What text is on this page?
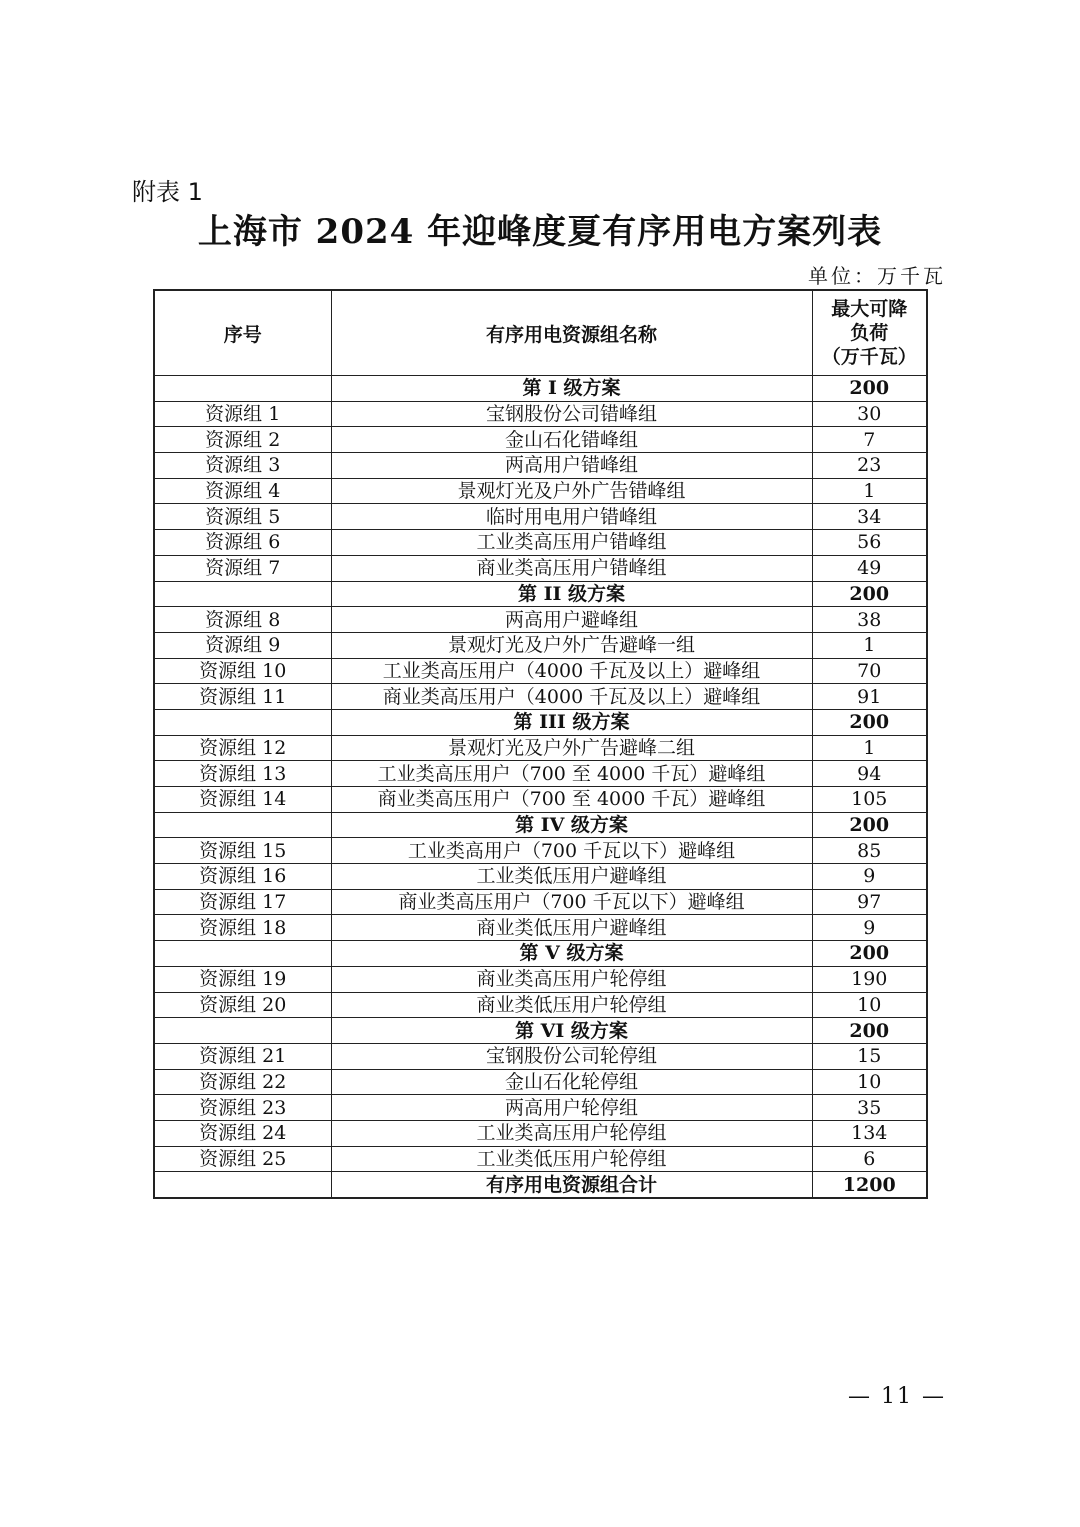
附表 1
上海市 2024 年迎峰度夏有序用电方案列表
单位：万千瓦
序号	有序用电资源组名称	最大可降
负荷
（万千瓦）

	第 I 级方案	200
资源组 1	宝钢股份公司错峰组	30
资源组 2	金山石化错峰组	7
资源组 3	两高用户错峰组	23
资源组 4	景观灯光及户外广告错峰组	1
资源组 5	临时用电用户错峰组	34
资源组 6	工业类高压用户错峰组	56
资源组 7	商业类高压用户错峰组	49
	第 II 级方案	200
资源组 8	两高用户避峰组	38
资源组 9	景观灯光及户外广告避峰一组	1
资源组 10	工业类高压用户（4000 千瓦及以上）避峰组	70
资源组 11	商业类高压用户（4000 千瓦及以上）避峰组	91
	第 III 级方案	200
资源组 12	景观灯光及户外广告避峰二组	1
资源组 13	工业类高压用户（700 至 4000 千瓦）避峰组	94
资源组 14	商业类高压用户（700 至 4000 千瓦）避峰组	105
	第 IV 级方案	200
资源组 15	工业类高用户（700 千瓦以下）避峰组	85
资源组 16	工业类低压用户避峰组	9
资源组 17	商业类高压用户（700 千瓦以下）避峰组	97
资源组 18	商业类低压用户避峰组	9
	第 V 级方案	200
资源组 19	商业类高压用户轮停组	190
资源组 20	商业类低压用户轮停组	10
	第 VI 级方案	200
资源组 21	宝钢股份公司轮停组	15
资源组 22	金山石化轮停组	10
资源组 23	两高用户轮停组	35
资源组 24	工业类高压用户轮停组	134
资源组 25	工业类低压用户轮停组	6
	有序用电资源组合计	1200
— 11 —
